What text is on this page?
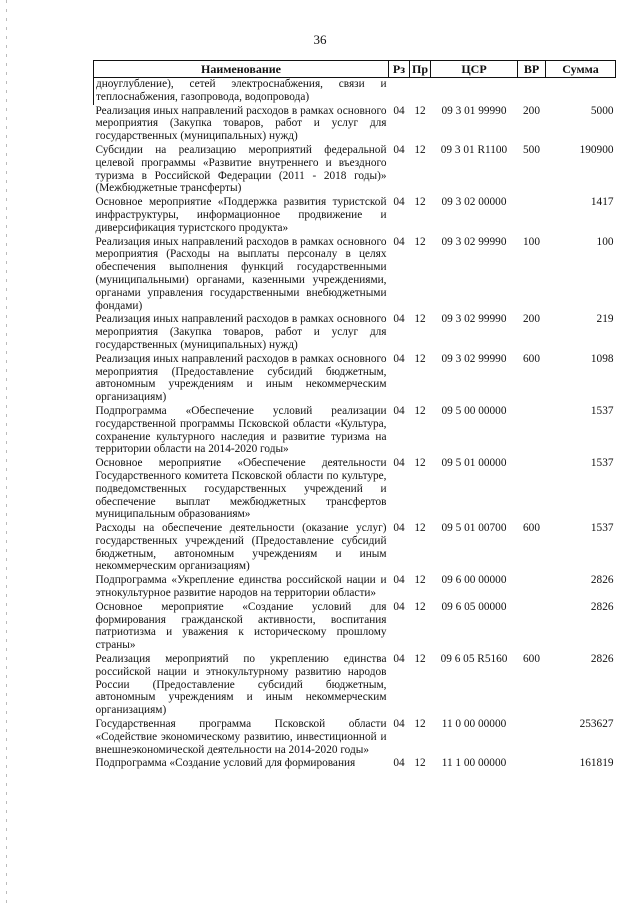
36
Наименование	Рз	Пр	ЦСР	ВР	Сумма
дноуглубление), сетей электроснабжения, связи и теплоснабжения, газопровода, водопровода)					
Реализация иных направлений расходов в рамках основного мероприятия (Закупка товаров, работ и услуг для государственных (муниципальных) нужд)	04	12	09 3 01 99990	200	5000
Субсидии на реализацию мероприятий федеральной целевой программы «Развитие внутреннего и въездного туризма в Российской Федерации (2011 - 2018 годы)» (Межбюджетные трансферты)	04	12	09 3 01 R1100	500	190900
Основное мероприятие «Поддержка развития туристской инфраструктуры, информационное продвижение и диверсификация туристского продукта»	04	12	09 3 02 00000		1417
Реализация иных направлений расходов в рамках основного мероприятия (Расходы на выплаты персоналу в целях обеспечения выполнения функций государственными (муниципальными) органами, казенными учреждениями, органами управления государственными внебюджетными фондами)	04	12	09 3 02 99990	100	100
Реализация иных направлений расходов в рамках основного мероприятия (Закупка товаров, работ и услуг для государственных (муниципальных) нужд)	04	12	09 3 02 99990	200	219
Реализация иных направлений расходов в рамках основного мероприятия (Предоставление субсидий бюджетным, автономным учреждениям и иным некоммерческим организациям)	04	12	09 3 02 99990	600	1098
Подпрограмма «Обеспечение условий реализации государственной программы Псковской области «Культура, сохранение культурного наследия и развитие туризма на территории области на 2014-2020 годы»	04	12	09 5 00 00000		1537
Основное мероприятие «Обеспечение деятельности Государственного комитета Псковской области по культуре, подведомственных государственных учреждений и обеспечение выплат межбюджетных трансфертов муниципальным образованиям»	04	12	09 5 01 00000		1537
Расходы на обеспечение деятельности (оказание услуг) государственных учреждений (Предоставление субсидий бюджетным, автономным учреждениям и иным некоммерческим организациям)	04	12	09 5 01 00700	600	1537
Подпрограмма «Укрепление единства российской нации и этнокультурное развитие народов на территории области»	04	12	09 6 00 00000		2826
Основное мероприятие «Создание условий для формирования гражданской активности, воспитания патриотизма и уважения к историческому прошлому страны»	04	12	09 6 05 00000		2826
Реализация мероприятий по укреплению единства российской нации и этнокультурному развитию народов России (Предоставление субсидий бюджетным, автономным учреждениям и иным некоммерческим организациям)	04	12	09 6 05 R5160	600	2826
Государственная программа Псковской области «Содействие экономическому развитию, инвестиционной и внешнеэкономической деятельности на 2014-2020 годы»	04	12	11 0 00 00000		253627
Подпрограмма «Создание условий для формирования	04	12	11 1 00 00000		161819
